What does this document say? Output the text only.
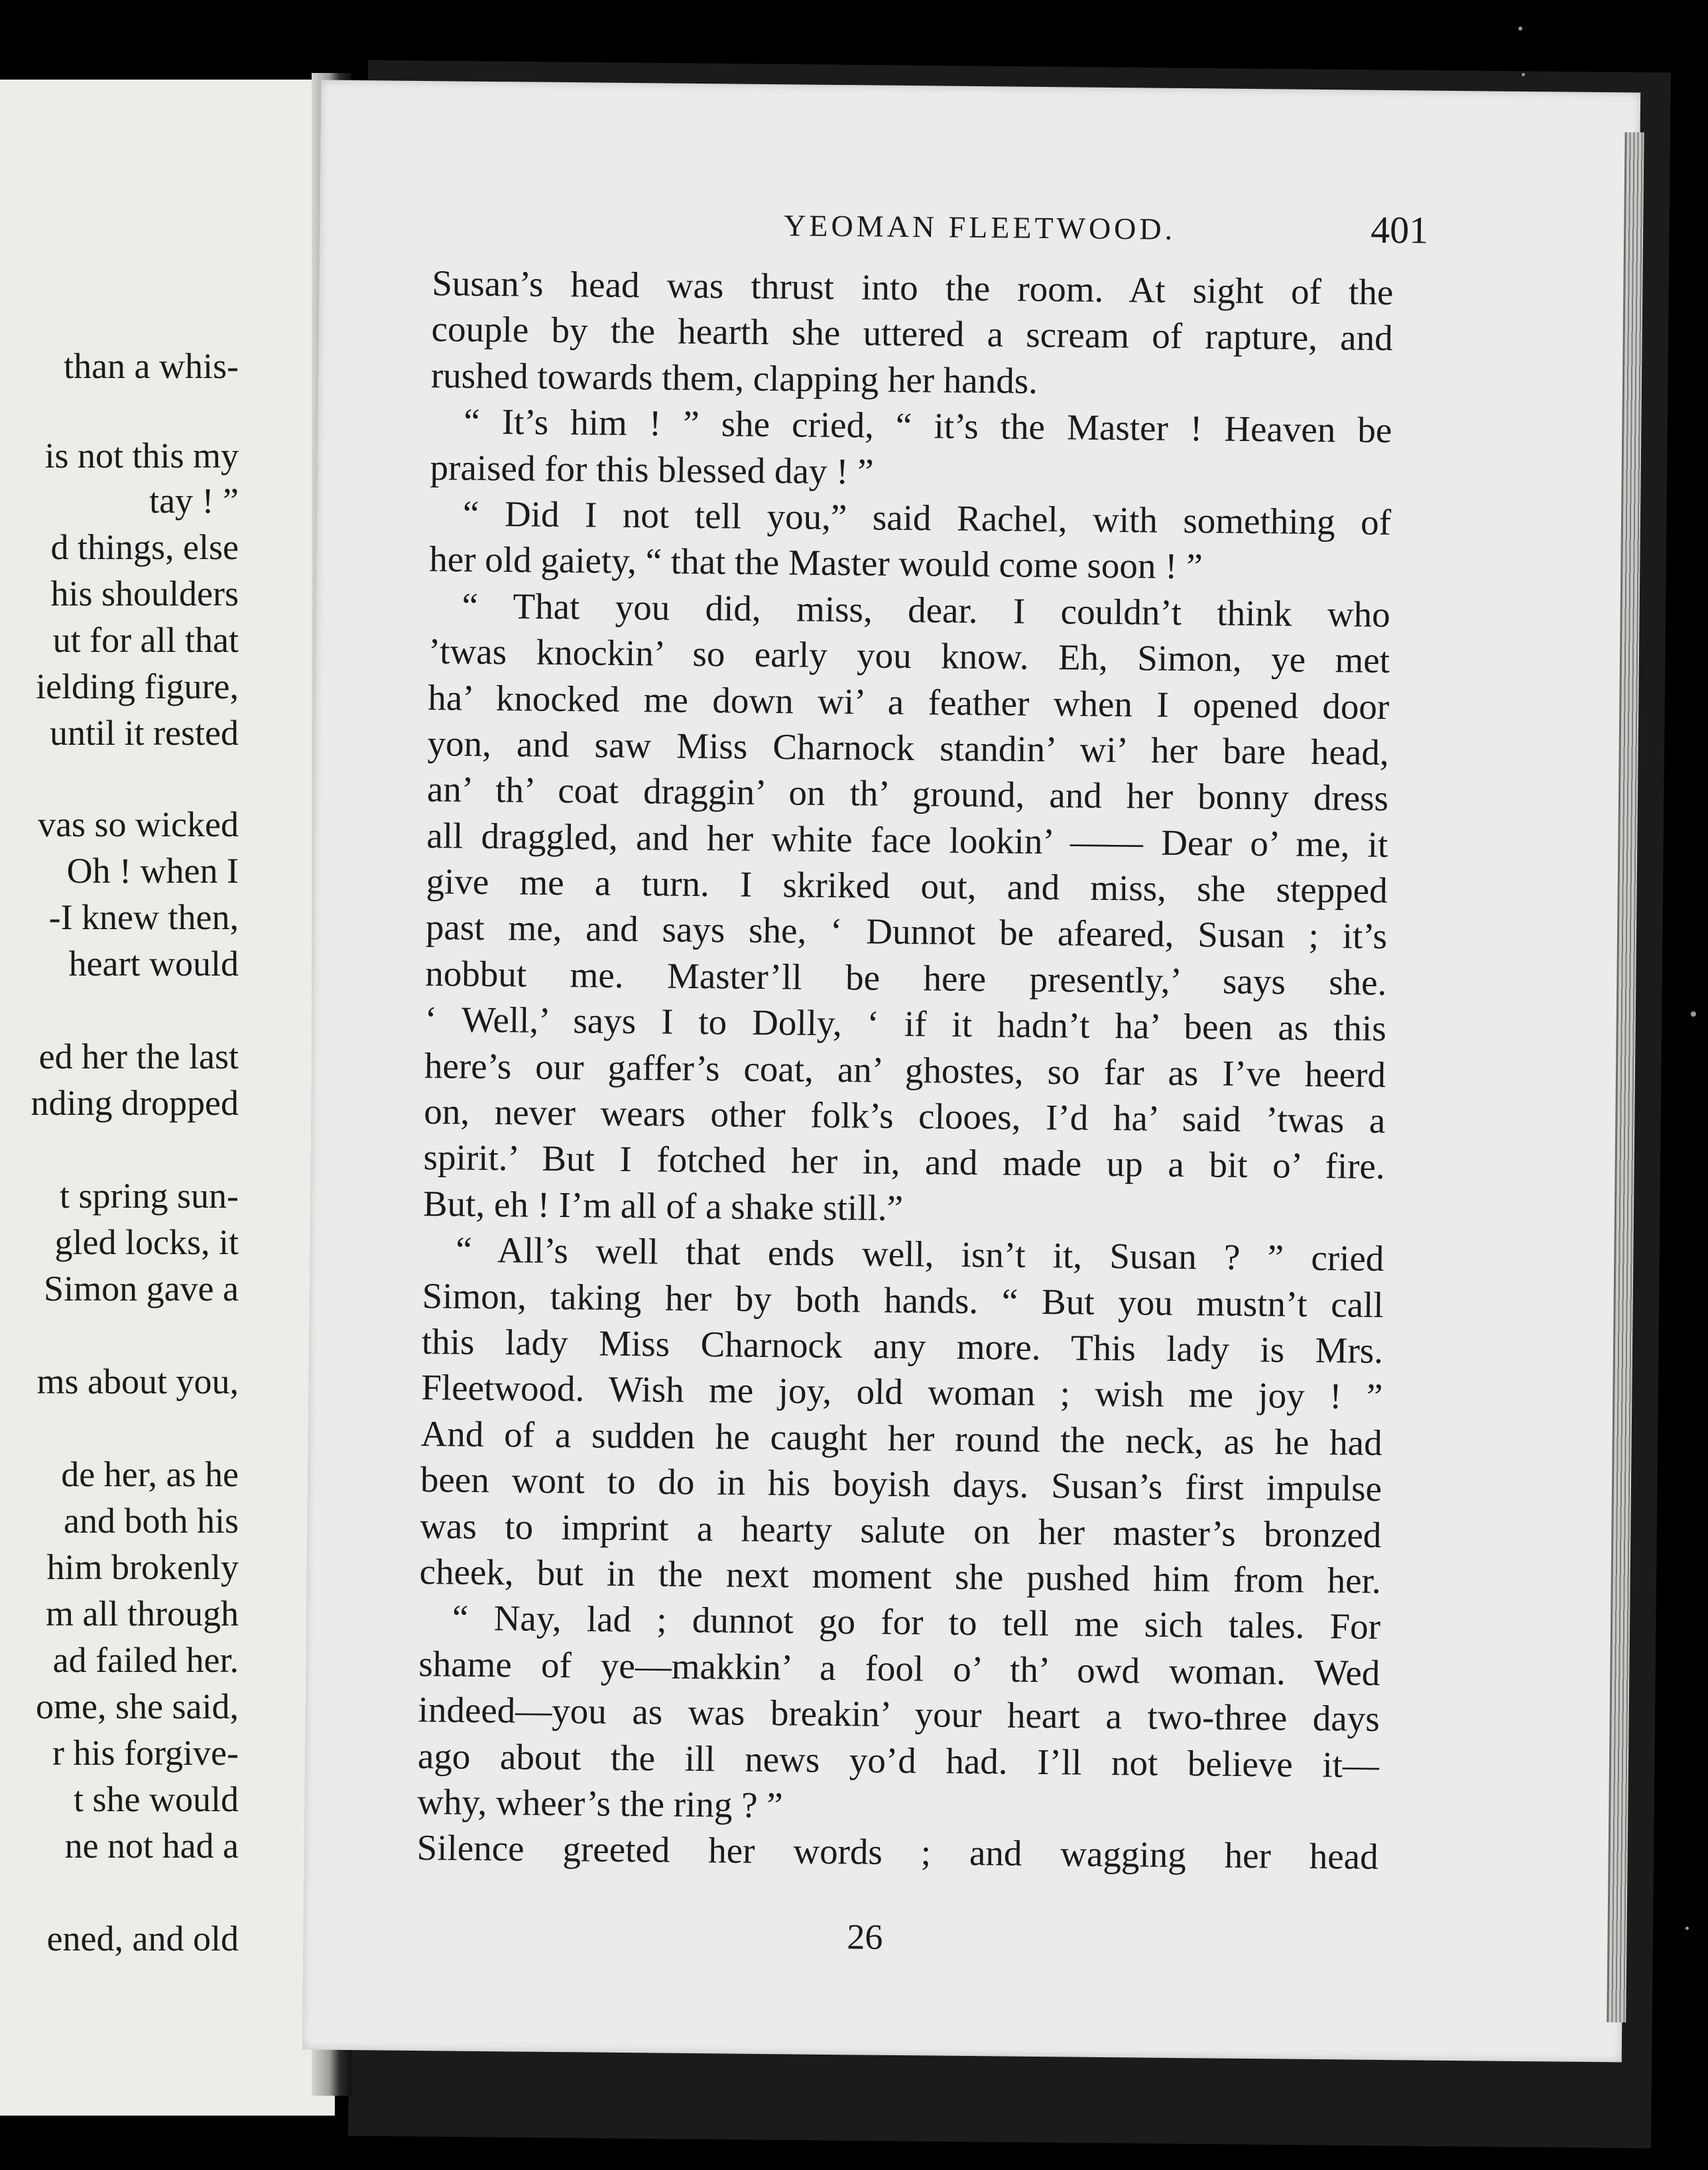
than a whis-
is not this my
tay ! ”
d things, else
his shoulders
ut for all that
ielding figure,
until it rested
vas so wicked
Oh ! when I
-I knew then,
heart would
ed her the last
nding dropped
t spring sun-
gled locks, it
Simon gave a
ms about you,
de her, as he
and both his
him brokenly
m all through
ad failed her.
ome, she said,
r his forgive-
t she would
ne not had a
ened, and old
YEOMAN FLEETWOOD.	401
Susan’s head was thrust into the room. At sight of the
couple by the hearth she uttered a scream of rapture, and
rushed towards them, clapping her hands.
“ It’s him ! ” she cried, “ it’s the Master ! Heaven be
praised for this blessed day ! ”
“ Did I not tell you,” said Rachel, with something of
her old gaiety, “ that the Master would come soon ! ”
“ That you did, miss, dear. I couldn’t think who
’twas knockin’ so early you know. Eh, Simon, ye met
ha’ knocked me down wi’ a feather when I opened door
yon, and saw Miss Charnock standin’ wi’ her bare head,
an’ th’ coat draggin’ on th’ ground, and her bonny dress
all draggled, and her white face lookin’ —— Dear o’ me, it
give me a turn. I skriked out, and miss, she stepped
past me, and says she, ‘ Dunnot be afeared, Susan ; it’s
nobbut me. Master’ll be here presently,’ says she.
‘ Well,’ says I to Dolly, ‘ if it hadn’t ha’ been as this
here’s our gaffer’s coat, an’ ghostes, so far as I’ve heerd
on, never wears other folk’s clooes, I’d ha’ said ’twas a
spirit.’ But I fotched her in, and made up a bit o’ fire.
But, eh ! I’m all of a shake still.”
“ All’s well that ends well, isn’t it, Susan ? ” cried
Simon, taking her by both hands. “ But you mustn’t call
this lady Miss Charnock any more. This lady is Mrs.
Fleetwood. Wish me joy, old woman ; wish me joy ! ”
And of a sudden he caught her round the neck, as he had
been wont to do in his boyish days. Susan’s first impulse
was to imprint a hearty salute on her master’s bronzed
cheek, but in the next moment she pushed him from her.
“ Nay, lad ; dunnot go for to tell me sich tales. For
shame of ye—makkin’ a fool o’ th’ owd woman. Wed
indeed—you as was breakin’ your heart a two-three days
ago about the ill news yo’d had. I’ll not believe it—
why, wheer’s the ring ? ”
Silence greeted her words ; and wagging her head
26
